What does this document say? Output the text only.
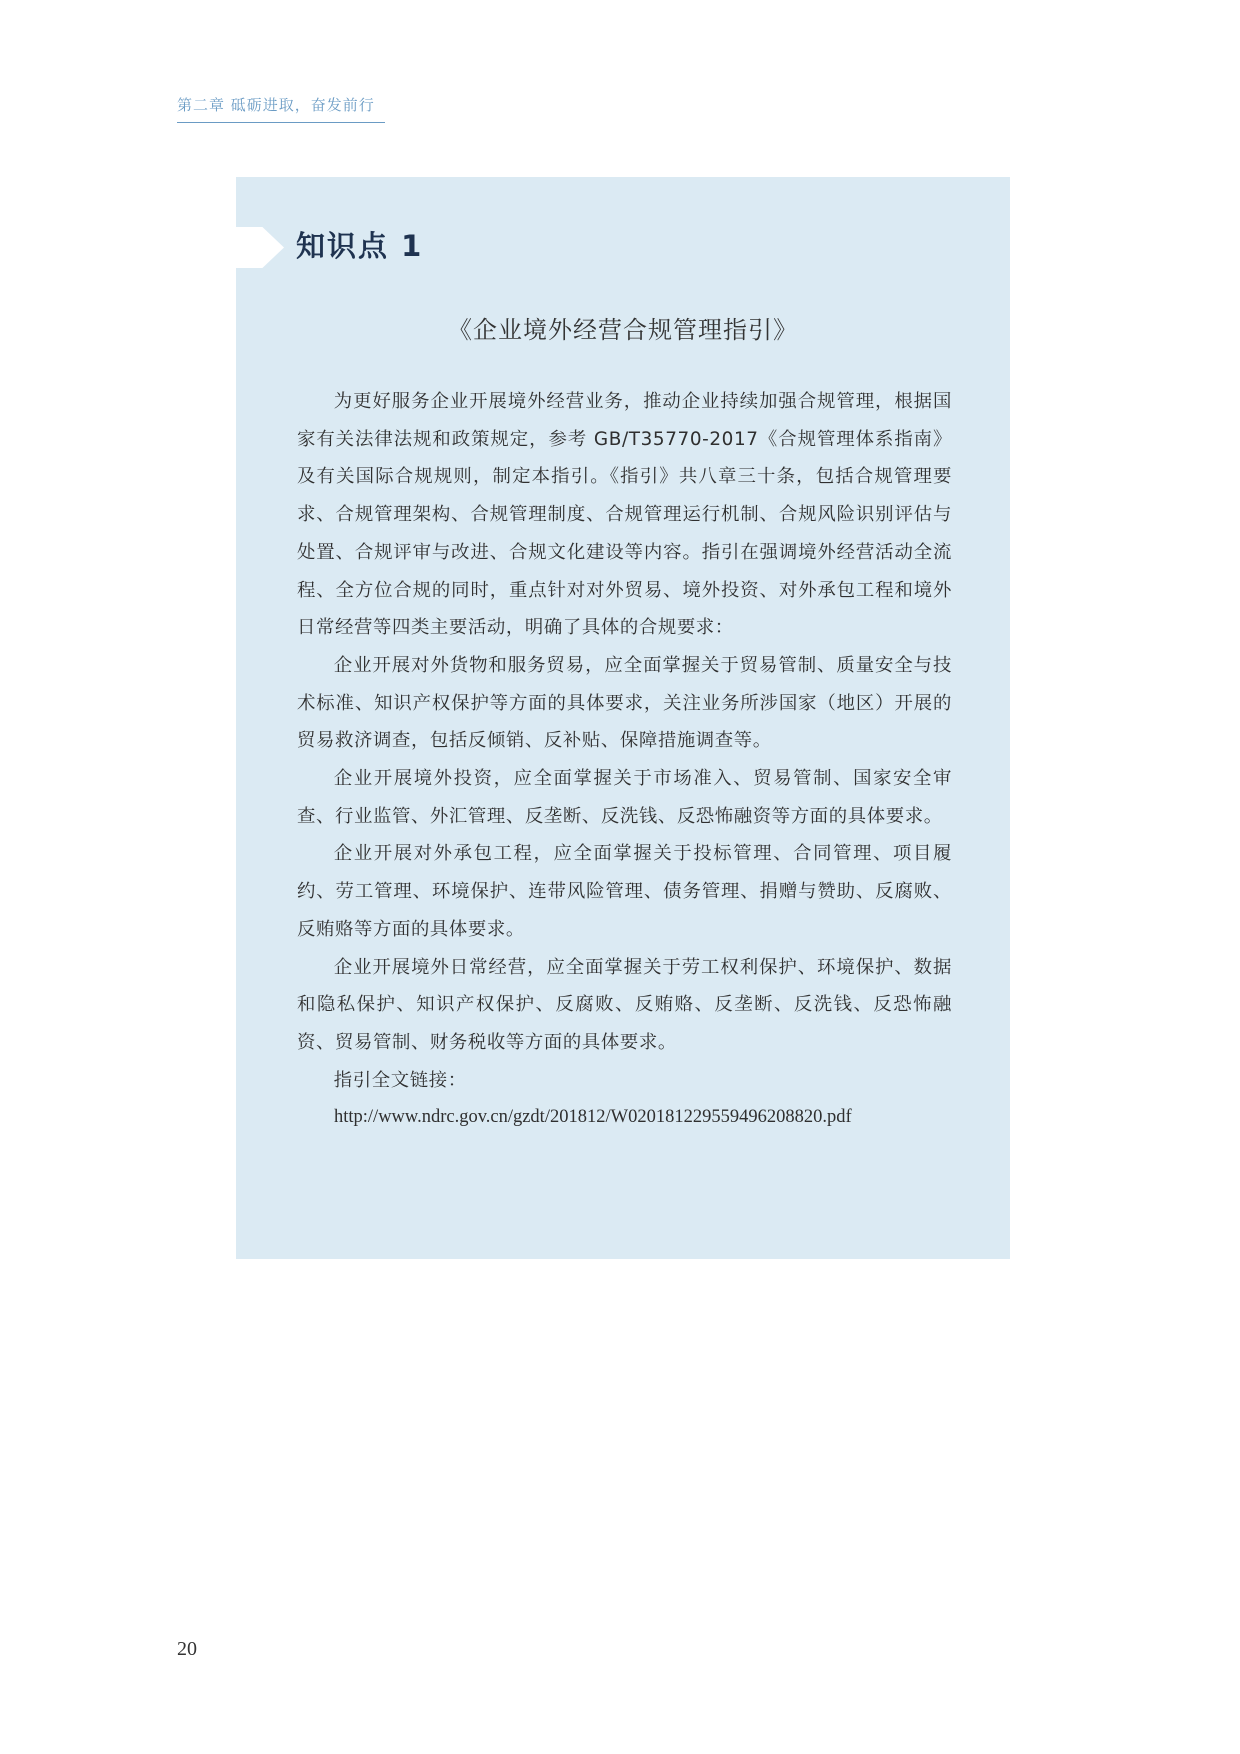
第二章 砥砺进取，奋发前行
知识点 1
《企业境外经营合规管理指引》

为更好服务企业开展境外经营业务，推动企业持续加强合规管理，根据国家有关法律法规和政策规定，参考 GB/T35770-2017《合规管理体系指南》及有关国际合规规则，制定本指引。《指引》共八章三十条，包括合规管理要求、合规管理架构、合规管理制度、合规管理运行机制、合规风险识别评估与处置、合规评审与改进、合规文化建设等内容。指引在强调境外经营活动全流程、全方位合规的同时，重点针对对外贸易、境外投资、对外承包工程和境外日常经营等四类主要活动，明确了具体的合规要求：

企业开展对外货物和服务贸易，应全面掌握关于贸易管制、质量安全与技术标准、知识产权保护等方面的具体要求，关注业务所涉国家（地区）开展的贸易救济调查，包括反倾销、反补贴、保障措施调查等。

企业开展境外投资，应全面掌握关于市场准入、贸易管制、国家安全审查、行业监管、外汇管理、反垄断、反洗钱、反恐怖融资等方面的具体要求。

企业开展对外承包工程，应全面掌握关于投标管理、合同管理、项目履约、劳工管理、环境保护、连带风险管理、债务管理、捐赠与赞助、反腐败、反贿赂等方面的具体要求。

企业开展境外日常经营，应全面掌握关于劳工权利保护、环境保护、数据和隐私保护、知识产权保护、反腐败、反贿赂、反垄断、反洗钱、反恐怖融资、贸易管制、财务税收等方面的具体要求。

指引全文链接：

http://www.ndrc.gov.cn/gzdt/201812/W020181229559496208820.pdf

20
